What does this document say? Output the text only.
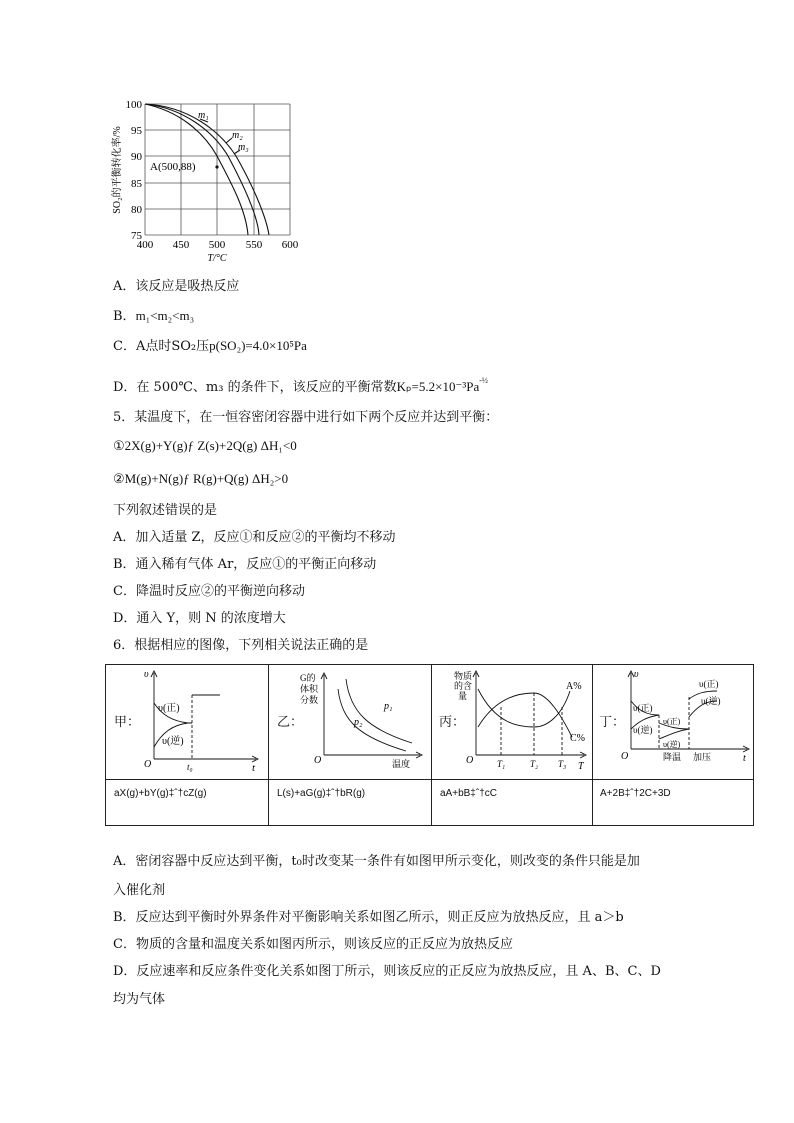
400 450 500 550 600
75
80
85
90
95
100
T/°C
SO₂的平衡转化率/%
m₁
m₂
m₃
A(500,88)
A．该反应是吸热反应
B．m₁<m₂<m₃
C．A点时SO₂压p(SO₂)=4.0×10⁵Pa
D．在 500℃、m₃ 的条件下，该反应的平衡常数$K_p=5.2\times 10^{-3}Pa^{-\frac{1}{2}}$
5．某温度下，在一恒容密闭容器中进行如下两个反应并达到平衡：
①2X(g)+Y(g)ƒ Z(s)+2Q(g) ΔH₁<0
②M(g)+N(g)ƒ R(g)+Q(g) ΔH₂>0
下列叙述错误的是
A．加入适量 Z，反应①和反应②的平衡均不移动
B．通入稀有气体 Ar，反应①的平衡正向移动
C．降温时反应②的平衡逆向移动
D．通入 Y，则 N 的浓度增大
6．根据相应的图像，下列相关说法正确的是
甲：	乙：	丙：	丁：
υ(正)
υ(逆)
υ
O	t₀	t
G的
体积
分数
p₁
p₂
O	温度
物质
的含
量
A%
C%
O	T₁	T₂ T₃ T
υ(正)
υ(逆)
υ(正)
υ(逆)
υ(正)
υ(逆)
υ
O	降温 加压	t
aX(g)+bY(g)‡ˆ†cZ(g)	L(s)+aG(g)‡ˆ†bR(g)	aA+bB‡ˆ†cC	A+2B‡ˆ†2C+3D
A．密闭容器中反应达到平衡，t₀时改变某一条件有如图甲所示变化，则改变的条件只能是加
入催化剂
B．反应达到平衡时外界条件对平衡影响关系如图乙所示，则正反应为放热反应，且 a＞b
C．物质的含量和温度关系如图丙所示，则该反应的正反应为放热反应
D．反应速率和反应条件变化关系如图丁所示，则该反应的正反应为放热反应，且 A、B、C、D
均为气体
